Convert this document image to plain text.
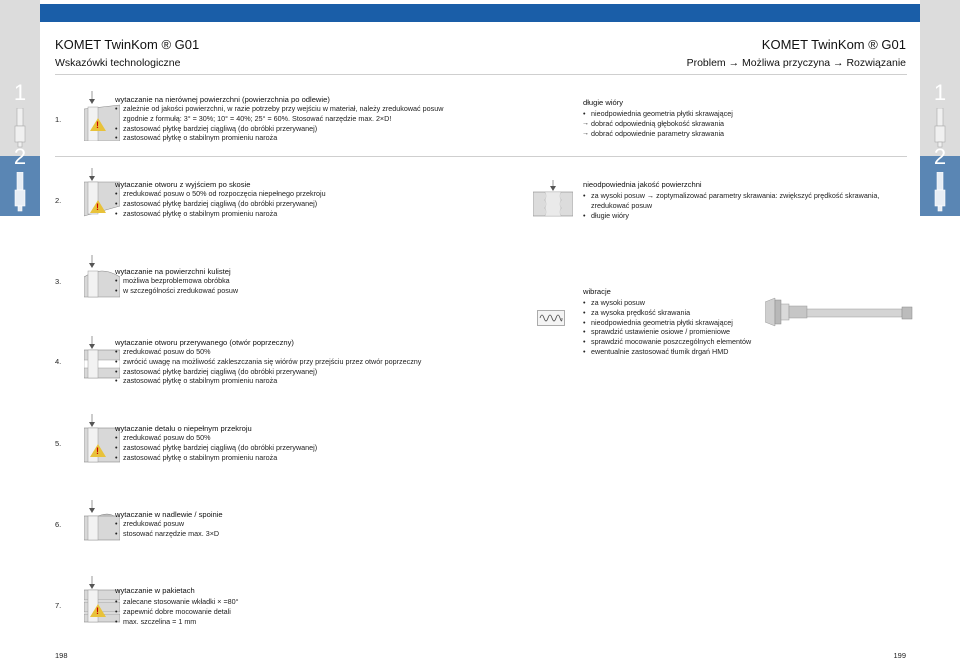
1
2
1
2
KOMET TwinKom ® G01
Wskazówki technologiczne
KOMET TwinKom ® G01
Problem → Możliwa przyczyna → Rozwiązanie
1.
!
wytaczanie na nierównej powierzchni (powierzchnia po odlewie)
• zależnie od jakości powierzchni, w razie potrzeby przy wejściu w materiał, należy zredukować posuw
zgodnie z formułą: 3° = 30%; 10° = 40%; 25° = 60%. Stosować narzędzie max. 2×D!
• zastosować płytkę bardziej ciągliwą (do obróbki przerywanej)
• zastosować płytkę o stabilnym promieniu naroża
2.
!
wytaczanie otworu z wyjściem po skosie
• zredukować posuw o 50% od rozpoczęcia niepełnego przekroju
• zastosować płytkę bardziej ciągliwą (do obróbki przerywanej)
• zastosować płytkę o stabilnym promieniu naroża
3.
wytaczanie na powierzchni kulistej
• możliwa bezproblemowa obróbka
• w szczególności zredukować posuw
4.
wytaczanie otworu przerywanego (otwór poprzeczny)
• zredukować posuw do 50%
• zwrócić uwagę na możliwość zakleszczania się wiórów przy przejściu przez otwór poprzeczny
• zastosować płytkę bardziej ciągliwą (do obróbki przerywanej)
• zastosować płytkę o stabilnym promieniu naroża
5.
!
wytaczanie detalu o niepełnym przekroju
• zredukować posuw do 50%
• zastosować płytkę bardziej ciągliwą (do obróbki przerywanej)
• zastosować płytkę o stabilnym promieniu naroża
6.
wytaczanie w nadlewie / spoinie
• zredukować posuw
• stosować narzędzie max. 3×D
7.
!
wytaczanie w pakietach
• zalecane stosowanie wkładki × =80°
• zapewnić dobre mocowanie detali
• max. szczelina = 1 mm
długie wióry
• nieodpowiednia geometria płytki skrawającej
→ dobrać odpowiednią głębokość skrawania
→ dobrać odpowiednie parametry skrawania
nieodpowiednia jakość powierzchni
• za wysoki posuw → zoptymalizować parametry skrawania: zwiększyć prędkość skrawania,
zredukować posuw
• długie wióry
wibracje
• za wysoki posuw
• za wysoka prędkość skrawania
• nieodpowiednia geometria płytki skrawającej
• sprawdzić ustawienie osiowe / promieniowe
• sprawdzić mocowanie poszczególnych elementów
• ewentualnie zastosować tłumik drgań HMD
198	199
